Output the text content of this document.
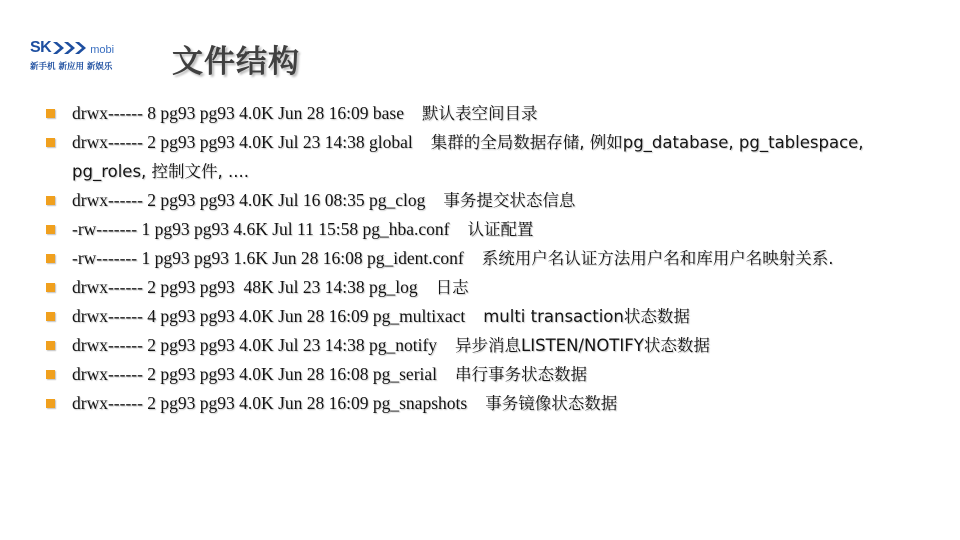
SK	mobi
新手机 新应用 新娱乐	文件结构
drwx------ 8 pg93 pg93 4.0K Jun 28 16:09 base 默认表空间目录
drwx------ 2 pg93 pg93 4.0K Jul 23 14:38 global 集群的全局数据存储, 例如pg_database, pg_tablespace, pg_roles, 控制文件, ....
drwx------ 2 pg93 pg93 4.0K Jul 16 08:35 pg_clog 事务提交状态信息
-rw------- 1 pg93 pg93 4.6K Jul 11 15:58 pg_hba.conf 认证配置
-rw------- 1 pg93 pg93 1.6K Jun 28 16:08 pg_ident.conf 系统用户名认证方法用户名和库用户名映射关系.
drwx------ 2 pg93 pg93  48K Jul 23 14:38 pg_log 日志
drwx------ 4 pg93 pg93 4.0K Jun 28 16:09 pg_multixact multi transaction状态数据
drwx------ 2 pg93 pg93 4.0K Jul 23 14:38 pg_notify 异步消息LISTEN/NOTIFY状态数据
drwx------ 2 pg93 pg93 4.0K Jun 28 16:08 pg_serial 串行事务状态数据
drwx------ 2 pg93 pg93 4.0K Jun 28 16:09 pg_snapshots 事务镜像状态数据
